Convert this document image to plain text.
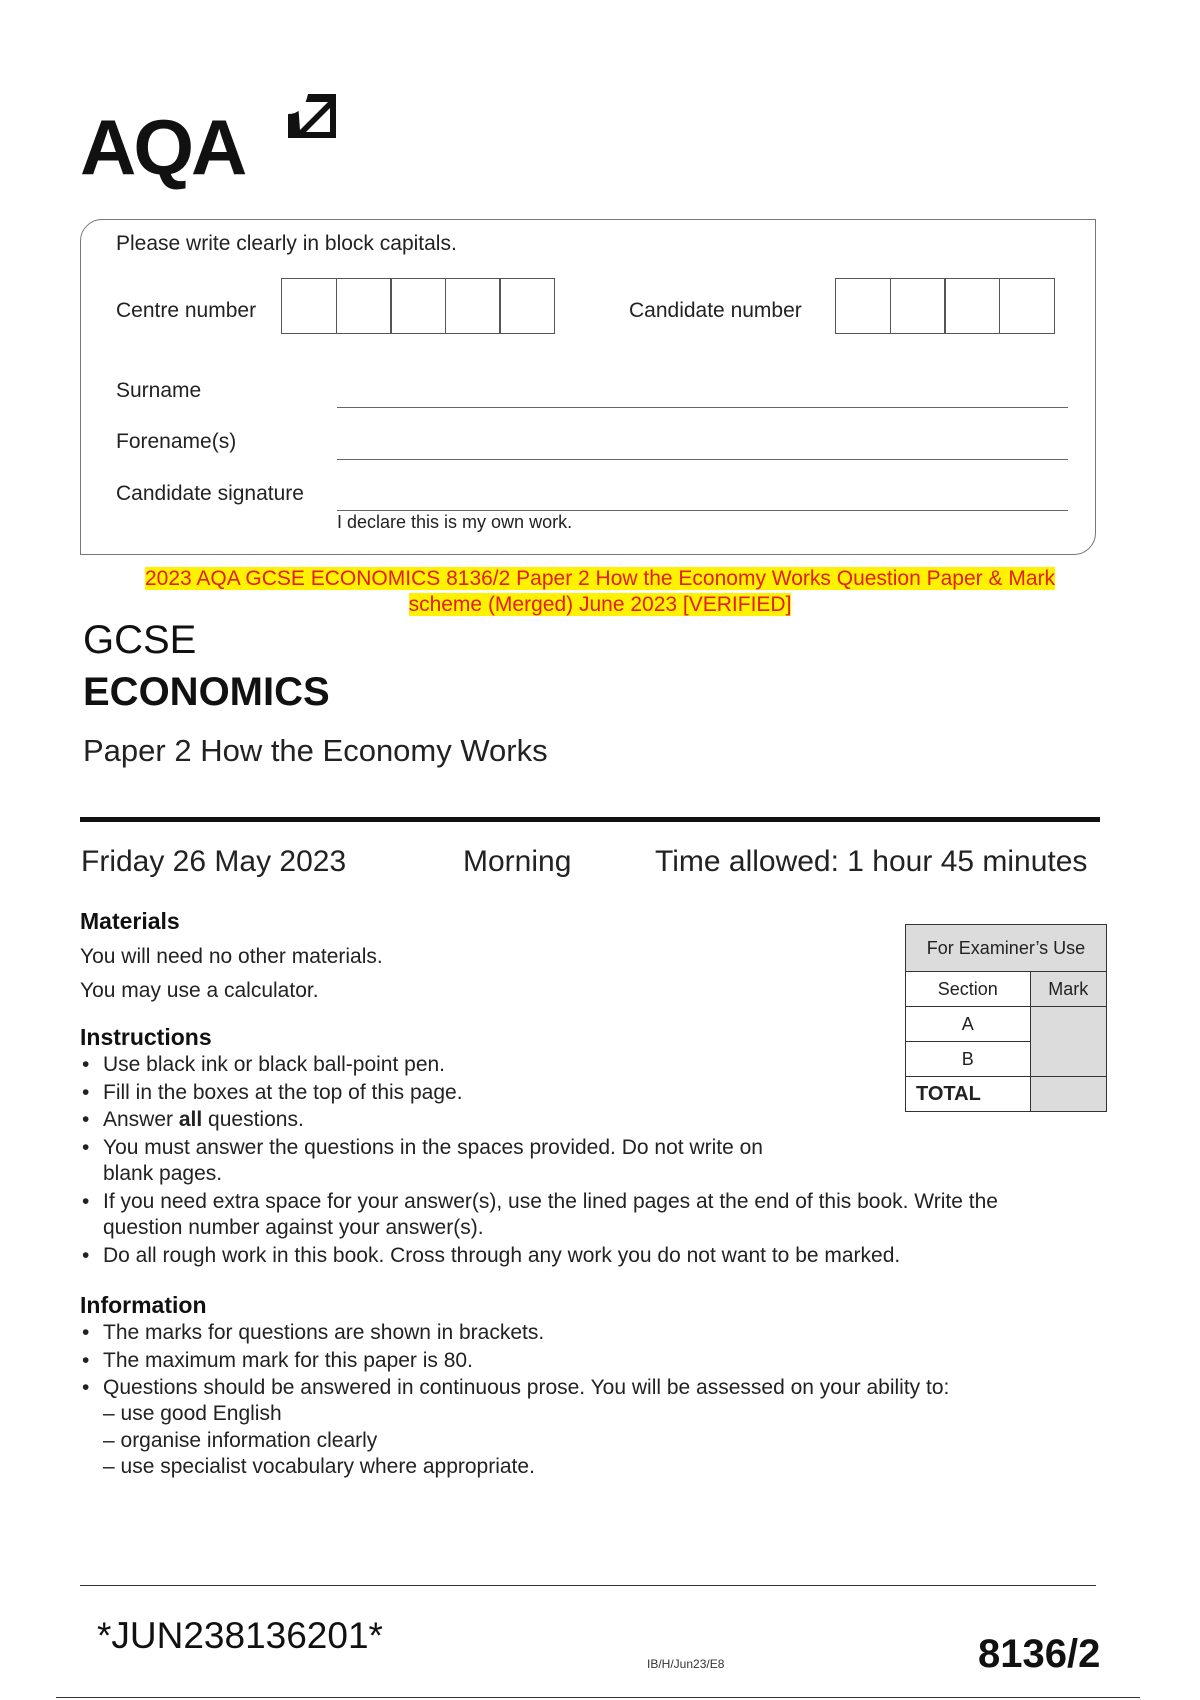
AQA
Please write clearly in block capitals.
Centre number	Candidate number
Surname
Forename(s)
Candidate signature
I declare this is my own work.
2023 AQA GCSE ECONOMICS 8136/2 Paper 2 How the Economy Works Question Paper & Mark
scheme (Merged) June 2023 [VERIFIED]
GCSE
ECONOMICS
Paper 2 How the Economy Works
Friday 26 May 2023	Morning	Time allowed: 1 hour 45 minutes
Materials
You will need no other materials.
You may use a calculator.
For Examiner’s Use	
Section	Mark
A	
B	
TOTAL	
Instructions
• Use black ink or black ball-point pen.
• Fill in the boxes at the top of this page.
• Answer all questions.
• You must answer the questions in the spaces provided. Do not write on
blank pages.
• If you need extra space for your answer(s), use the lined pages at the end of this book. Write the
question number against your answer(s).
• Do all rough work in this book. Cross through any work you do not want to be marked.
Information
• The marks for questions are shown in brackets.
• The maximum mark for this paper is 80.
• Questions should be answered in continuous prose. You will be assessed on your ability to:
– use good English
– organise information clearly
– use specialist vocabulary where appropriate.
*JUN238136201*
IB/H/Jun23/E8	8136/2
